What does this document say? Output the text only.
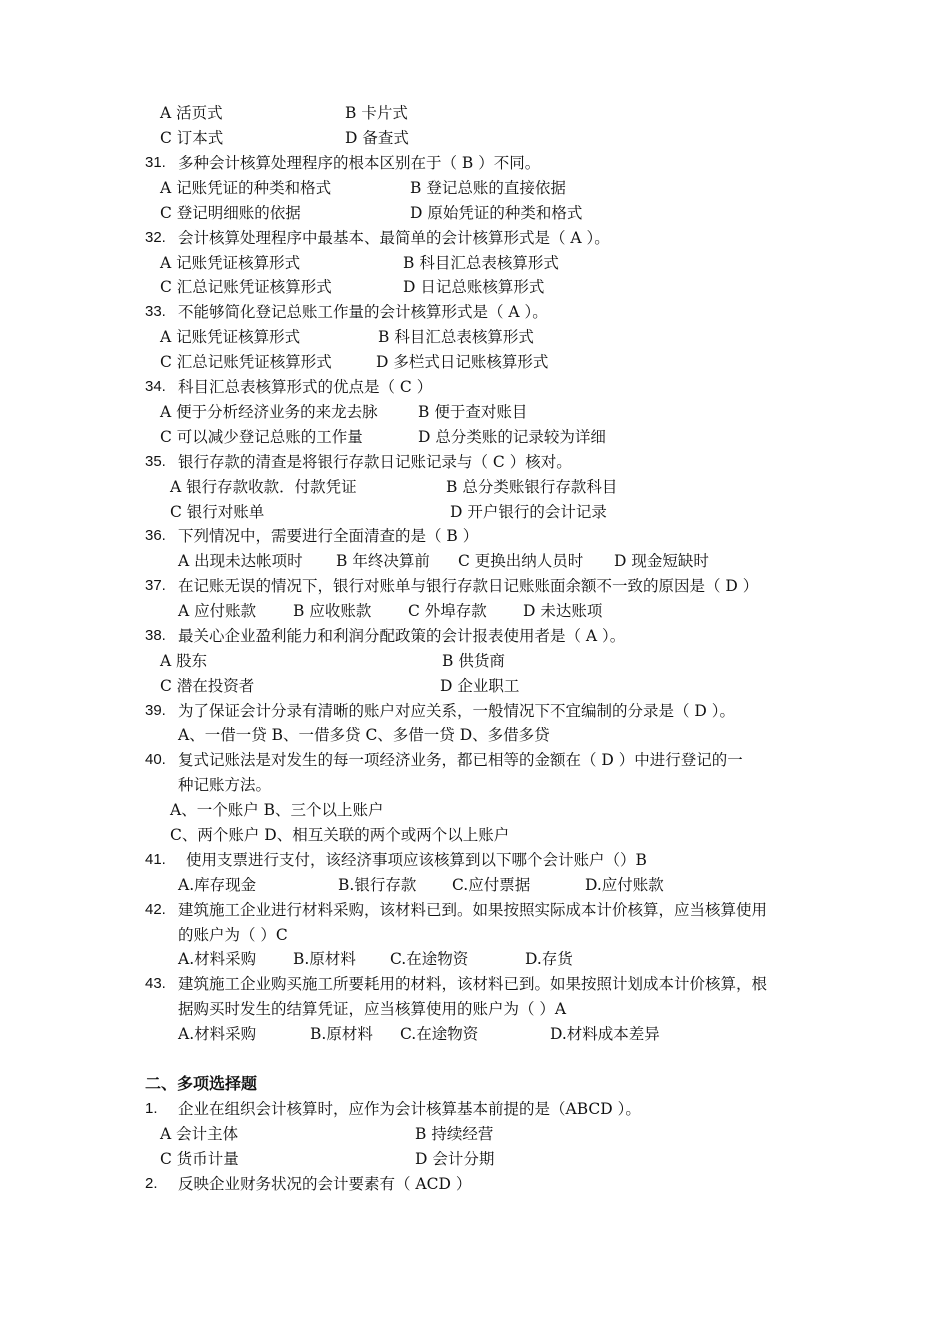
A 活页式	B 卡片式
C 订本式	D 备查式
31. 多种会计核算处理程序的根本区别在于（ B ）不同。
A 记账凭证的种类和格式	B 登记总账的直接依据
C 登记明细账的依据	D 原始凭证的种类和格式
32. 会计核算处理程序中最基本、最简单的会计核算形式是（ A ）。
A 记账凭证核算形式	B 科目汇总表核算形式
C 汇总记账凭证核算形式	D 日记总账核算形式
33. 不能够简化登记总账工作量的会计核算形式是（ A ）。
A 记账凭证核算形式	B 科目汇总表核算形式
C 汇总记账凭证核算形式	D 多栏式日记账核算形式
34. 科目汇总表核算形式的优点是（ C ）
A 便于分析经济业务的来龙去脉	B 便于查对账目
C 可以减少登记总账的工作量	D 总分类账的记录较为详细
35. 银行存款的清查是将银行存款日记账记录与（ C ）核对。
A 银行存款收款．付款凭证	B 总分类账银行存款科目
C 银行对账单	D 开户银行的会计记录
36. 下列情况中，需要进行全面清查的是（ B ）
A 出现未达帐项时 B 年终决算前 C 更换出纳人员时 D 现金短缺时
37. 在记账无误的情况下，银行对账单与银行存款日记账账面余额不一致的原因是（ D ）
A 应付账款 B 应收账款 C 外埠存款 D 未达账项
38. 最关心企业盈利能力和利润分配政策的会计报表使用者是（ A ）。
A 股东	B 供货商
C 潜在投资者	D 企业职工
39. 为了保证会计分录有清晰的账户对应关系，一般情况下不宜编制的分录是（ D ）。
A、一借一贷 B、一借多贷 C、多借一贷 D、多借多贷
40. 复式记账法是对发生的每一项经济业务，都已相等的金额在（ D ）中进行登记的一
种记账方法。
A、一个账户 B、三个以上账户
C、两个账户 D、相互关联的两个或两个以上账户
41. 使用支票进行支付，该经济事项应该核算到以下哪个会计账户（）B
A.库存现金	B.银行存款 C.应付票据	D.应付账款
42. 建筑施工企业进行材料采购，该材料已到。如果按照实际成本计价核算，应当核算使用
的账户为（ ）C
A.材料采购 B.原材料 C.在途物资	D.存货
43. 建筑施工企业购买施工所要耗用的材料，该材料已到。如果按照计划成本计价核算，根
据购买时发生的结算凭证，应当核算使用的账户为（ ）A
A.材料采购	B.原材料 C.在途物资	D.材料成本差异
二、多项选择题
1. 企业在组织会计核算时，应作为会计核算基本前提的是（ABCD ）。
A 会计主体	B 持续经营
C 货币计量	D 会计分期
2. 反映企业财务状况的会计要素有（ ACD ）
